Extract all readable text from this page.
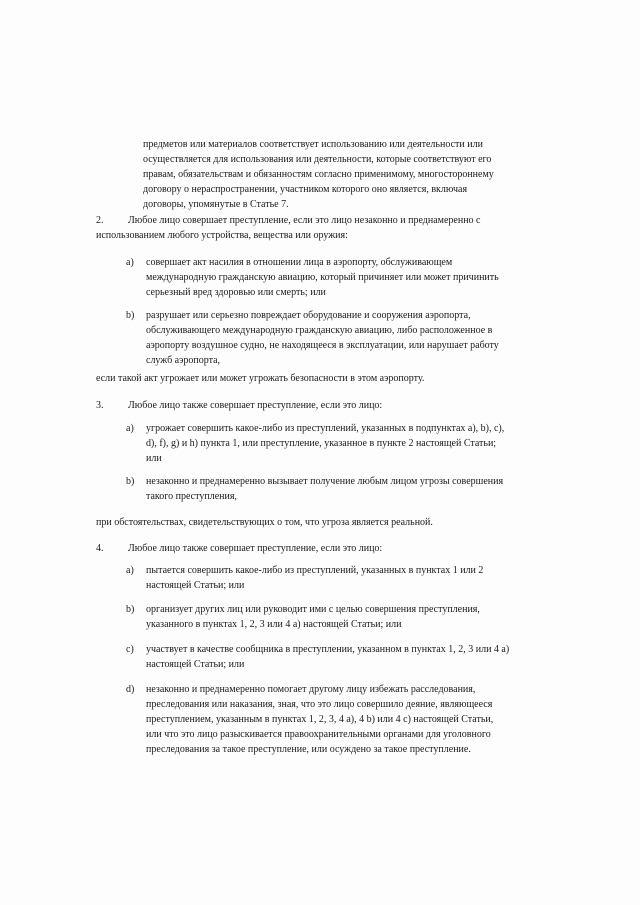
предметов или материалов соответствует использованию или деятельности или
осуществляется для использования или деятельности, которые соответствуют его
правам, обязательствам и обязанностям согласно применимому, многостороннему
договору о нераспространении, участником которого оно является, включая
договоры, упомянутые в Статье 7.
2.	Любое лицо совершает преступление, если это лицо незаконно и преднамеренно с
использованием любого устройства, вещества или оружия:
a) совершает акт насилия в отношении лица в аэропорту, обслуживающем
международную гражданскую авиацию, который причиняет или может причинить
серьезный вред здоровью или смерть; или
b) разрушает или серьезно повреждает оборудование и сооружения аэропорта,
обслуживающего международную гражданскую авиацию, либо расположенное в
аэропорту воздушное судно, не находящееся в эксплуатации, или нарушает работу
служб аэропорта,
если такой акт угрожает или может угрожать безопасности в этом аэропорту.
3.	Любое лицо также совершает преступление, если это лицо:
a) угрожает совершить какое-либо из преступлений, указанных в подпунктах a), b), c),
d), f), g) и h) пункта 1, или преступление, указанное в пункте 2 настоящей Статьи;
или
b) незаконно и преднамеренно вызывает получение любым лицом угрозы совершения
такого преступления,
при обстоятельствах, свидетельствующих о том, что угроза является реальной.
4.	Любое лицо также совершает преступление, если это лицо:
a) пытается совершить какое-либо из преступлений, указанных в пунктах 1 или 2
настоящей Статьи; или
b) организует других лиц или руководит ими с целью совершения преступления,
указанного в пунктах 1, 2, 3 или 4 a) настоящей Статьи; или
c) участвует в качестве сообщника в преступлении, указанном в пунктах 1, 2, 3 или 4 a)
настоящей Статьи; или
d) незаконно и преднамеренно помогает другому лицу избежать расследования,
преследования или наказания, зная, что это лицо совершило деяние, являющееся
преступлением, указанным в пунктах 1, 2, 3, 4 a), 4 b) или 4 c) настоящей Статьи,
или что это лицо разыскивается правоохранительными органами для уголовного
преследования за такое преступление, или осуждено за такое преступление.
